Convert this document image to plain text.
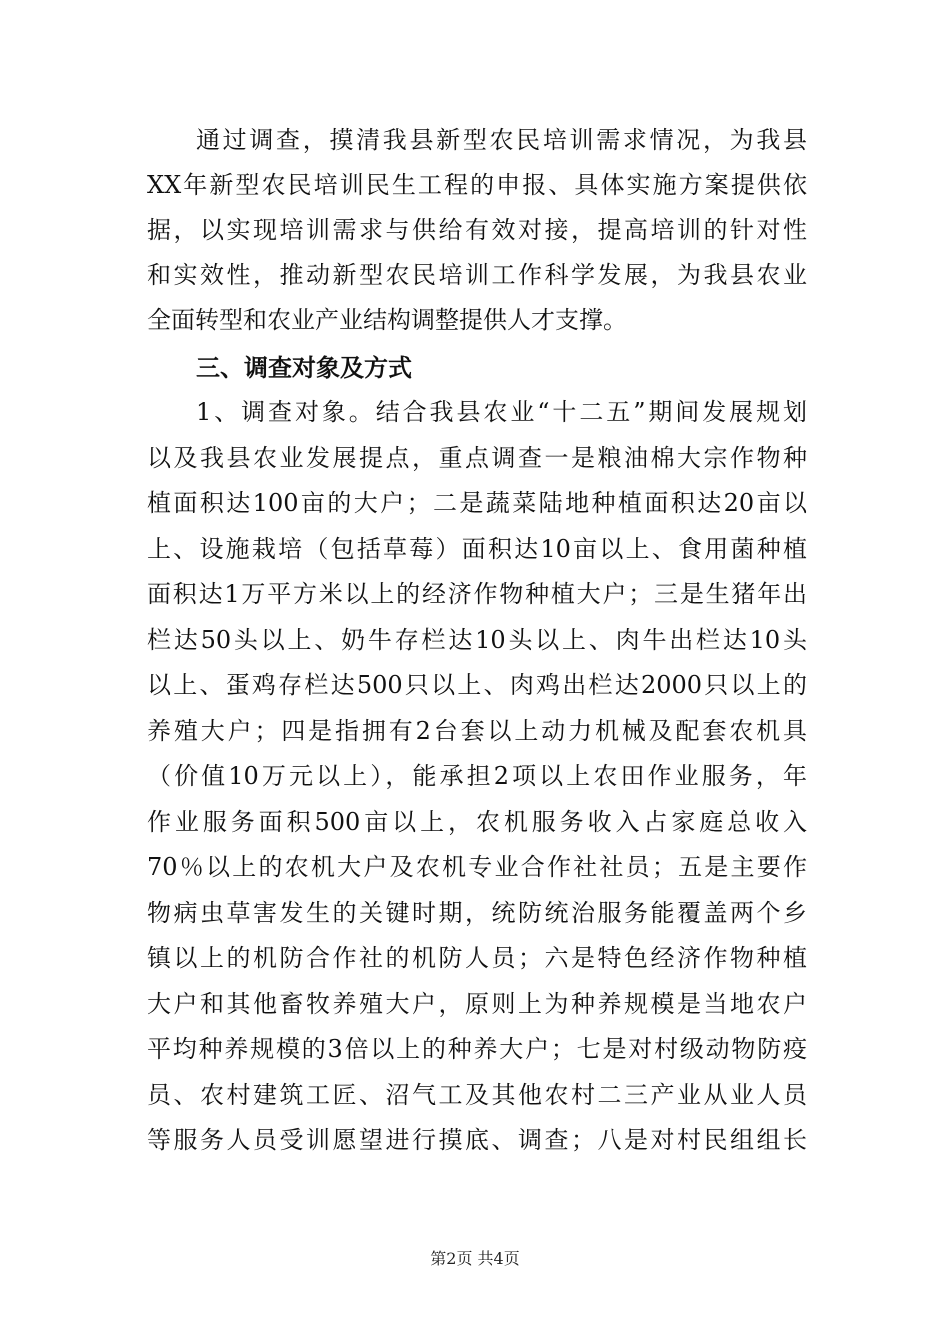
通过调查，摸清我县新型农民培训需求情况，为我县
XX年新型农民培训民生工程的申报、具体实施方案提供依
据，以实现培训需求与供给有效对接，提高培训的针对性
和实效性，推动新型农民培训工作科学发展，为我县农业
全面转型和农业产业结构调整提供人才支撑。
三、调查对象及方式
1、调查对象。结合我县农业“十二五”期间发展规划
以及我县农业发展提点，重点调查一是粮油棉大宗作物种
植面积达100亩的大户；二是蔬菜陆地种植面积达20亩以
上、设施栽培（包括草莓）面积达10亩以上、食用菌种植
面积达1万平方米以上的经济作物种植大户；三是生猪年出
栏达50头以上、奶牛存栏达10头以上、肉牛出栏达10头
以上、蛋鸡存栏达500只以上、肉鸡出栏达2000只以上的
养殖大户；四是指拥有2台套以上动力机械及配套农机具
（价值10万元以上），能承担2项以上农田作业服务，年
作业服务面积500亩以上，农机服务收入占家庭总收入
70％以上的农机大户及农机专业合作社社员；五是主要作
物病虫草害发生的关键时期，统防统治服务能覆盖两个乡
镇以上的机防合作社的机防人员；六是特色经济作物种植
大户和其他畜牧养殖大户，原则上为种养规模是当地农户
平均种养规模的3倍以上的种养大户；七是对村级动物防疫
员、农村建筑工匠、沼气工及其他农村二三产业从业人员
等服务人员受训愿望进行摸底、调查；八是对村民组组长
第2页 共4页
